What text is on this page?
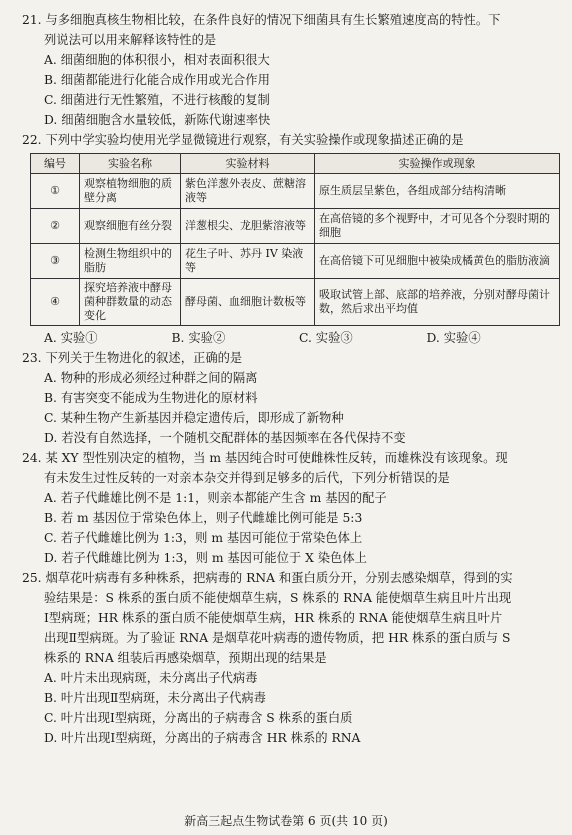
21. 与多细胞真核生物相比较，在条件良好的情况下细菌具有生长繁殖速度高的特性。下

列说法可以用来解释该特性的是

A. 细菌细胞的体积很小，相对表面积很大

B. 细菌都能进行化能合成作用或光合作用

C. 细菌进行无性繁殖，不进行核酸的复制

D. 细菌细胞含水量较低，新陈代谢速率快

22. 下列中学实验均使用光学显微镜进行观察，有关实验操作或现象描述正确的是

编号	实验名称	实验材料	实验操作或现象
①	观察植物细胞的质壁分离	紫色洋葱外表皮、蔗糖溶液等	原生质层呈紫色，各组成部分结构清晰
②	观察细胞有丝分裂	洋葱根尖、龙胆紫溶液等	在高倍镜的多个视野中，才可见各个分裂时期的细胞
③	检测生物组织中的脂肪	花生子叶、苏丹 IV 染液等	在高倍镜下可见细胞中被染成橘黄色的脂肪液滴
④	探究培养液中酵母菌种群数量的动态变化	酵母菌、血细胞计数板等	吸取试管上部、底部的培养液，分别对酵母菌计数，然后求出平均值
A. 实验①	B. 实验②	C. 实验③	D. 实验④

23. 下列关于生物进化的叙述，正确的是

A. 物种的形成必须经过种群之间的隔离

B. 有害突变不能成为生物进化的原材料

C. 某种生物产生新基因并稳定遗传后，即形成了新物种

D. 若没有自然选择，一个随机交配群体的基因频率在各代保持不变

24. 某 XY 型性别决定的植物，当 m 基因纯合时可使雌株性反转，而雄株没有该现象。现

有未发生过性反转的一对亲本杂交并得到足够多的后代，下列分析错误的是

A. 若子代雌雄比例不是 1:1，则亲本都能产生含 m 基因的配子

B. 若 m 基因位于常染色体上，则子代雌雄比例可能是 5:3

C. 若子代雌雄比例为 1:3，则 m 基因可能位于常染色体上

D. 若子代雌雄比例为 1:3，则 m 基因可能位于 X 染色体上

25. 烟草花叶病毒有多种株系，把病毒的 RNA 和蛋白质分开，分别去感染烟草，得到的实

验结果是：S 株系的蛋白质不能使烟草生病，S 株系的 RNA 能使烟草生病且叶片出现

Ⅰ型病斑；HR 株系的蛋白质不能使烟草生病，HR 株系的 RNA 能使烟草生病且叶片

出现Ⅱ型病斑。为了验证 RNA 是烟草花叶病毒的遗传物质，把 HR 株系的蛋白质与 S

株系的 RNA 组装后再感染烟草，预期出现的结果是

A. 叶片未出现病斑，未分离出子代病毒

B. 叶片出现Ⅱ型病斑，未分离出子代病毒

C. 叶片出现Ⅰ型病斑，分离出的子病毒含 S 株系的蛋白质

D. 叶片出现Ⅰ型病斑，分离出的子病毒含 HR 株系的 RNA

新高三起点生物试卷第 6 页(共 10 页)
